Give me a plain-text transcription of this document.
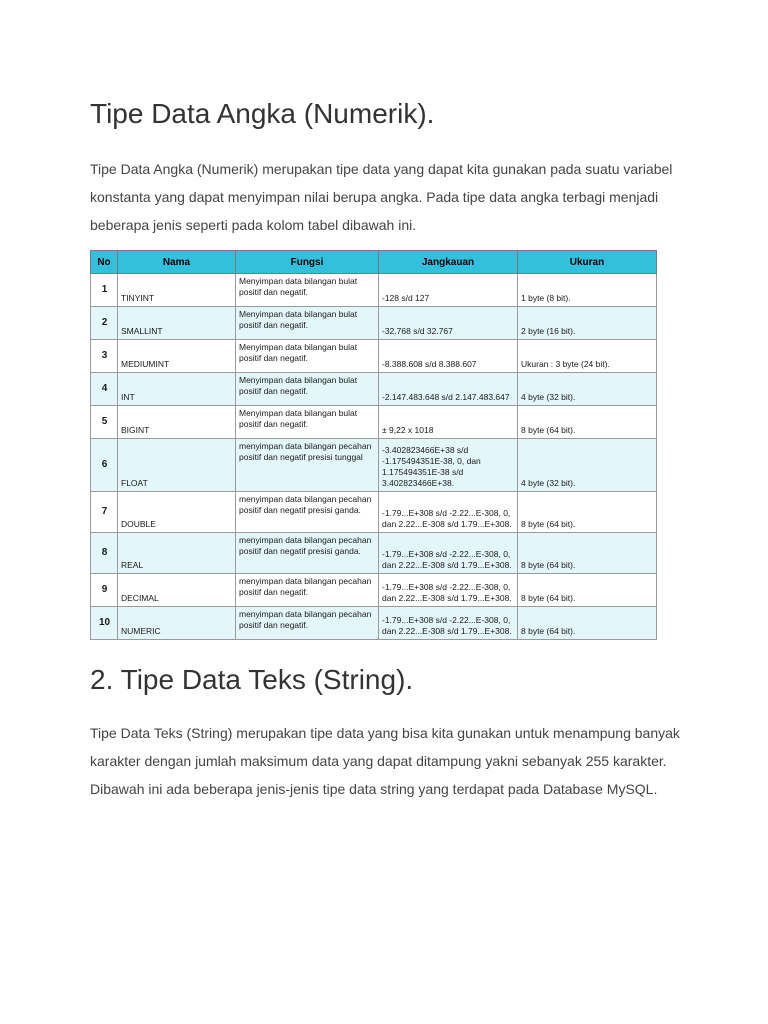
Tipe Data Angka (Numerik).

Tipe Data Angka (Numerik) merupakan tipe data yang dapat kita gunakan pada suatu variabel konstanta yang dapat menyimpan nilai berupa angka. Pada tipe data angka terbagi menjadi beberapa jenis seperti pada kolom tabel dibawah ini.

No	Nama	Fungsi	Jangkauan	Ukuran
1	TINYINT	Menyimpan data bilangan bulat positif dan negatif.	-128 s/d 127	1 byte (8 bit).
2	SMALLINT	Menyimpan data bilangan bulat positif dan negatif.	-32.768 s/d 32.767	2 byte (16 bit).
3	MEDIUMINT	Menyimpan data bilangan bulat positif dan negatif.	-8.388.608 s/d 8.388.607	Ukuran : 3 byte (24 bit).
4	INT	Menyimpan data bilangan bulat positif dan negatif.	-2.147.483.648 s/d 2.147.483.647	4 byte (32 bit).
5	BIGINT	Menyimpan data bilangan bulat positif dan negatif.	± 9,22 x 1018	8 byte (64 bit).
6	FLOAT	menyimpan data bilangan pecahan positif dan negatif presisi tunggal	-3.402823466E+38 s/d -1.175494351E-38, 0, dan 1.175494351E-38 s/d 3.402823466E+38.	4 byte (32 bit).
7	DOUBLE	menyimpan data bilangan pecahan positif dan negatif presisi ganda.	-1.79...E+308 s/d -2.22...E-308, 0, dan 2.22...E-308 s/d 1.79...E+308.	8 byte (64 bit).
8	REAL	menyimpan data bilangan pecahan positif dan negatif presisi ganda.	-1.79...E+308 s/d -2.22...E-308, 0, dan 2.22...E-308 s/d 1.79...E+308.	8 byte (64 bit).
9	DECIMAL	menyimpan data bilangan pecahan positif dan negatif.	-1.79...E+308 s/d -2.22...E-308, 0, dan 2.22...E-308 s/d 1.79...E+308.	8 byte (64 bit).
10	NUMERIC	menyimpan data bilangan pecahan positif dan negatif.	-1.79...E+308 s/d -2.22...E-308, 0, dan 2.22...E-308 s/d 1.79...E+308.	8 byte (64 bit).
2. Tipe Data Teks (String).

Tipe Data Teks (String) merupakan tipe data yang bisa kita gunakan untuk menampung banyak karakter dengan jumlah maksimum data yang dapat ditampung yakni sebanyak 255 karakter. Dibawah ini ada beberapa jenis-jenis tipe data string yang terdapat pada Database MySQL.
